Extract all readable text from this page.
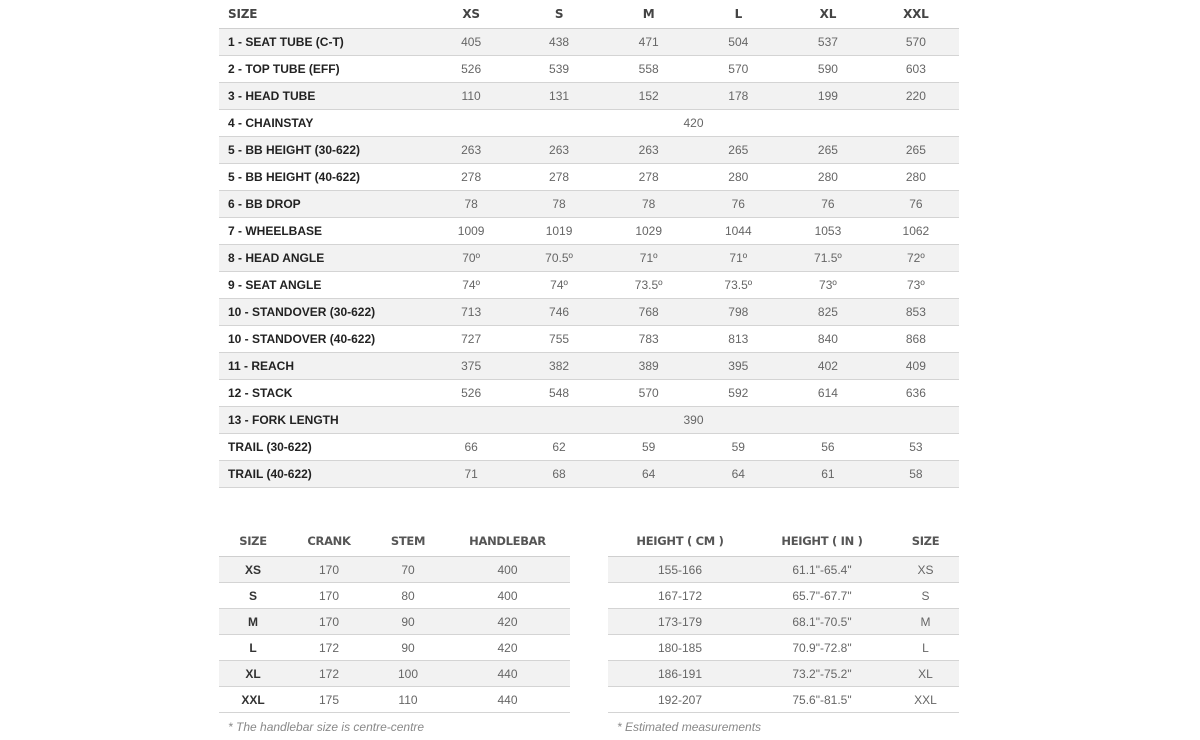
SIZE	XS	S	M	L	XL	XXL
1 - SEAT TUBE (C-T)	405	438	471	504	537	570
2 - TOP TUBE (EFF)	526	539	558	570	590	603
3 - HEAD TUBE	110	131	152	178	199	220
4 - CHAINSTAY	420					
5 - BB HEIGHT (30-622)	263	263	263	265	265	265
5 - BB HEIGHT (40-622)	278	278	278	280	280	280
6 - BB DROP	78	78	78	76	76	76
7 - WHEELBASE	1009	1019	1029	1044	1053	1062
8 - HEAD ANGLE	70º	70.5º	71º	71º	71.5º	72º
9 - SEAT ANGLE	74º	74º	73.5º	73.5º	73º	73º
10 - STANDOVER (30-622)	713	746	768	798	825	853
10 - STANDOVER (40-622)	727	755	783	813	840	868
11 - REACH	375	382	389	395	402	409
12 - STACK	526	548	570	592	614	636
13 - FORK LENGTH	390					
TRAIL (30-622)	66	62	59	59	56	53
TRAIL (40-622)	71	68	64	64	61	58
SIZE	CRANK	STEM	HANDLEBAR
XS	170	70	400
S	170	80	400
M	170	90	420
L	172	90	420
XL	172	100	440
XXL	175	110	440
* The handlebar size is centre-centre
HEIGHT ( CM )	HEIGHT ( IN )	SIZE
155-166	61.1"-65.4"	XS
167-172	65.7"-67.7"	S
173-179	68.1"-70.5"	M
180-185	70.9"-72.8"	L
186-191	73.2"-75.2"	XL
192-207	75.6"-81.5"	XXL
* Estimated measurements
